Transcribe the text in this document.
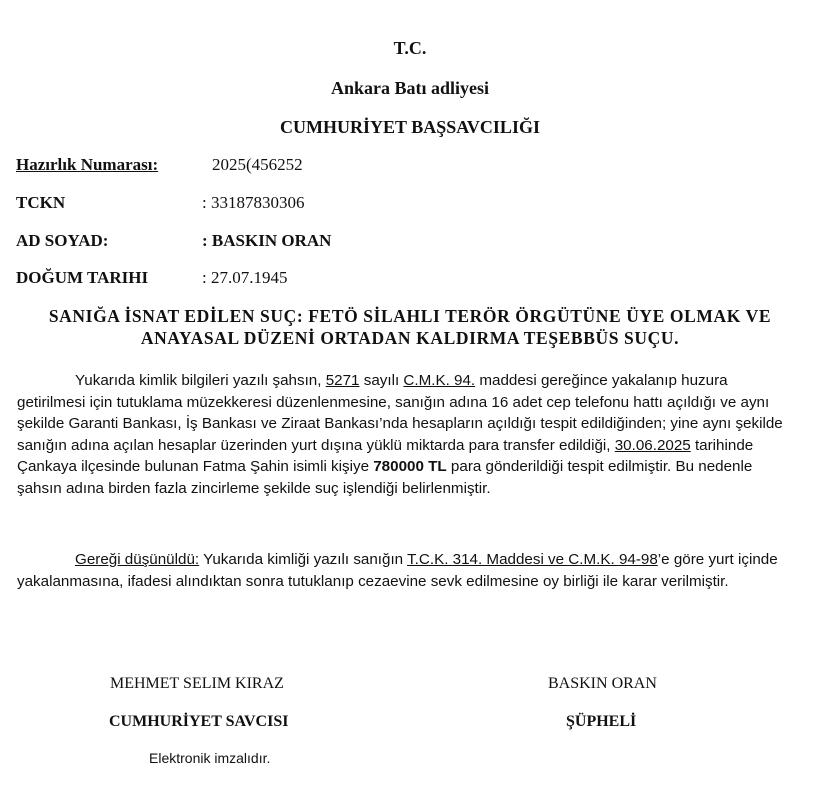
T.C.
Ankara Batı adliyesi
CUMHURİYET BAŞSAVCILIĞI
Hazırlık Numarası:	2025(456252
TCKN	: 33187830306
AD SOYAD:	: BASKIN ORAN
DOĞUM TARIHI	: 27.07.1945
SANIĞA İSNAT EDİLEN SUÇ: FETÖ SİLAHLI TERÖR ÖRGÜTÜNE ÜYE OLMAK VE
ANAYASAL DÜZENİ ORTADAN KALDIRMA TEŞEBBÜS SUÇU.
Yukarıda kimlik bilgileri yazılı şahsın, 5271 sayılı C.M.K. 94. maddesi gereğince yakalanıp huzura getirilmesi için tutuklama müzekkeresi düzenlenmesine, sanığın adına 16 adet cep telefonu hattı açıldığı ve aynı şekilde Garanti Bankası, İş Bankası ve Ziraat Bankası’nda hesapların açıldığı tespit edildiğinden; yine aynı şekilde sanığın adına açılan hesaplar üzerinden yurt dışına yüklü miktarda para transfer edildiği, 30.06.2025 tarihinde Çankaya ilçesinde bulunan Fatma Şahin isimli kişiye 780000 TL para gönderildiği tespit edilmiştir. Bu nedenle şahsın adına birden fazla zincirleme şekilde suç işlendiği belirlenmiştir.
Gereği düşünüldü: Yukarıda kimliği yazılı sanığın T.C.K. 314. Maddesi ve C.M.K. 94-98’e göre yurt içinde yakalanmasına, ifadesi alındıktan sonra tutuklanıp cezaevine sevk edilmesine oy birliği ile karar verilmiştir.
MEHMET SELIM KIRAZ
CUMHURİYET SAVCISI
BASKIN ORAN
ŞÜPHELİ
Elektronik imzalıdır.
